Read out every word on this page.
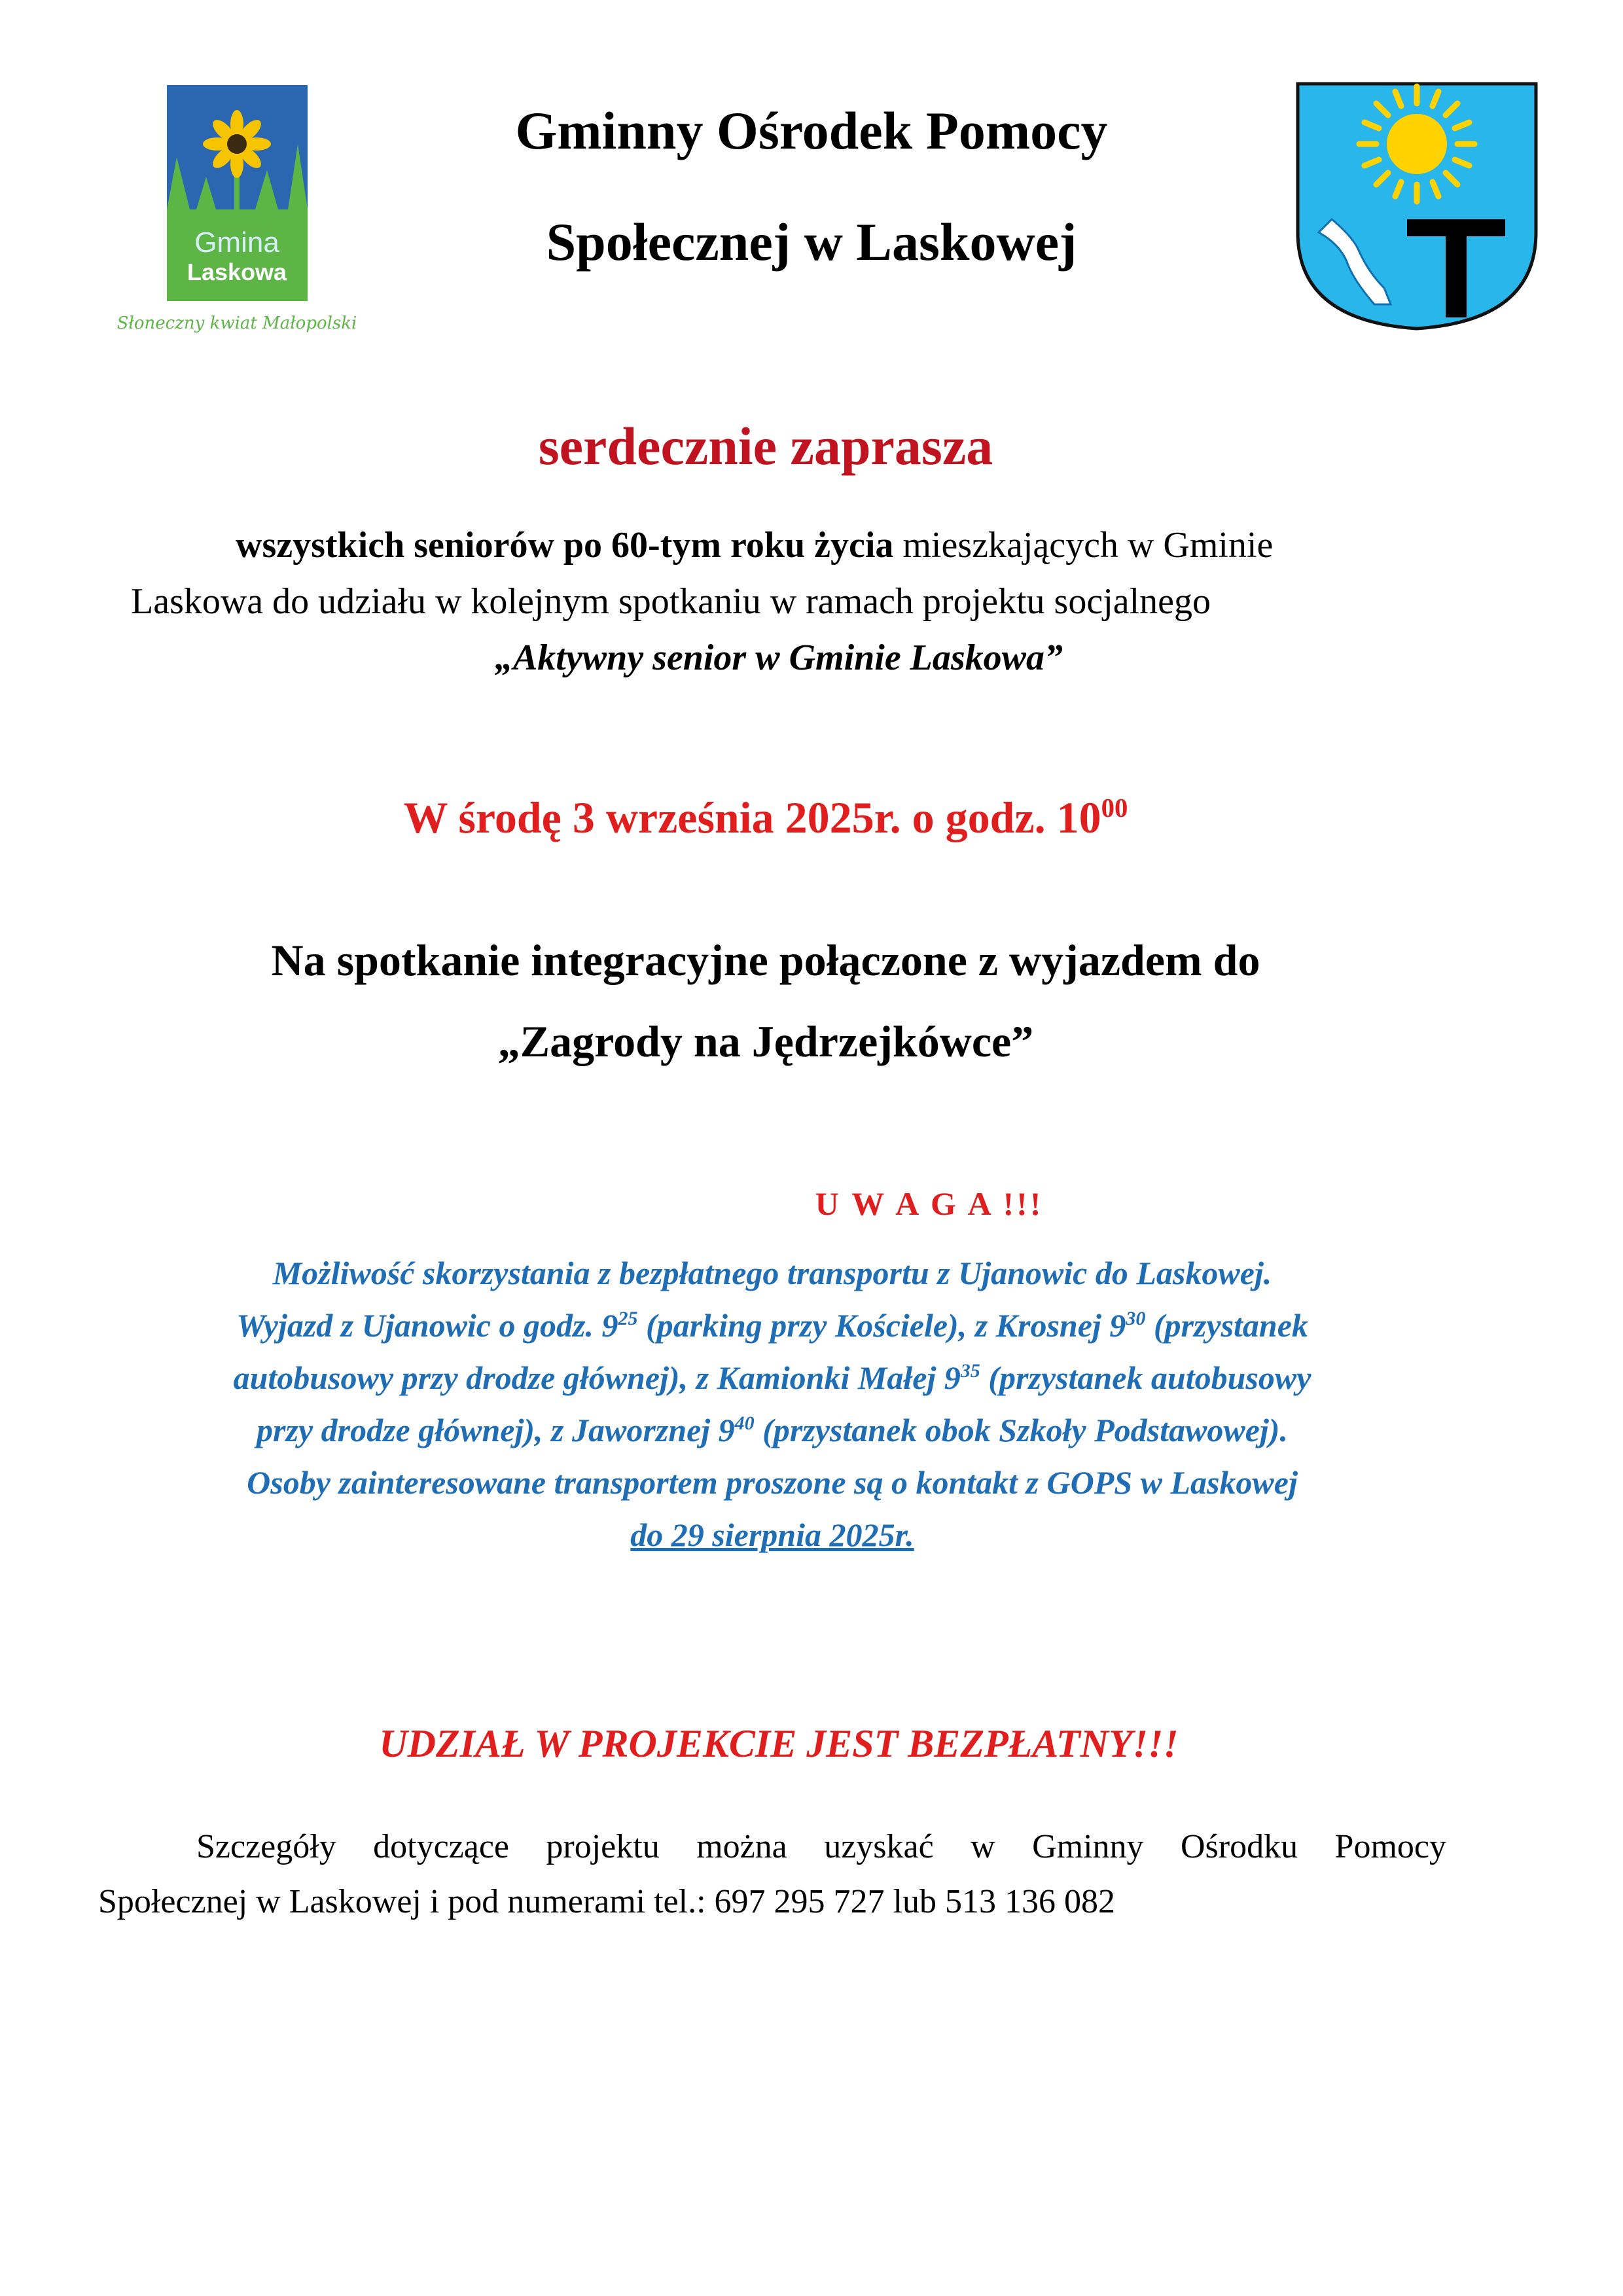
Gmina
Laskowa
Słoneczny kwiat Małopolski
Gminny Ośrodek Pomocy
Społecznej w Laskowej
serdecznie zaprasza
wszystkich seniorów po 60-tym roku życia mieszkających w Gminie
Laskowa do udziału w kolejnym spotkaniu w ramach projektu socjalnego
„Aktywny senior w Gminie Laskowa”
W środę 3 września 2025r. o godz. $10^{00}$
Na spotkanie integracyjne połączone z wyjazdem do
„Zagrody na Jędrzejkówce”
U W A G A !!!
Możliwość skorzystania z bezpłatnego transportu z Ujanowic do Laskowej.
Wyjazd z Ujanowic o godz. $9^{25}$ (parking przy Kościele), z Krosnej $9^{30}$ (przystanek
autobusowy przy drodze głównej), z Kamionki Małej $9^{35}$ (przystanek autobusowy
przy drodze głównej), z Jaworznej $9^{40}$ (przystanek obok Szkoły Podstawowej).
Osoby zainteresowane transportem proszone są o kontakt z GOPS w Laskowej
do 29 sierpnia 2025r.
UDZIAŁ W PROJEKCIE JEST BEZPŁATNY!!!
Szczegóły dotyczące projektu można uzyskać w Gminny Ośrodku Pomocy
Społecznej w Laskowej i pod numerami tel.: 697 295 727 lub 513 136 082
